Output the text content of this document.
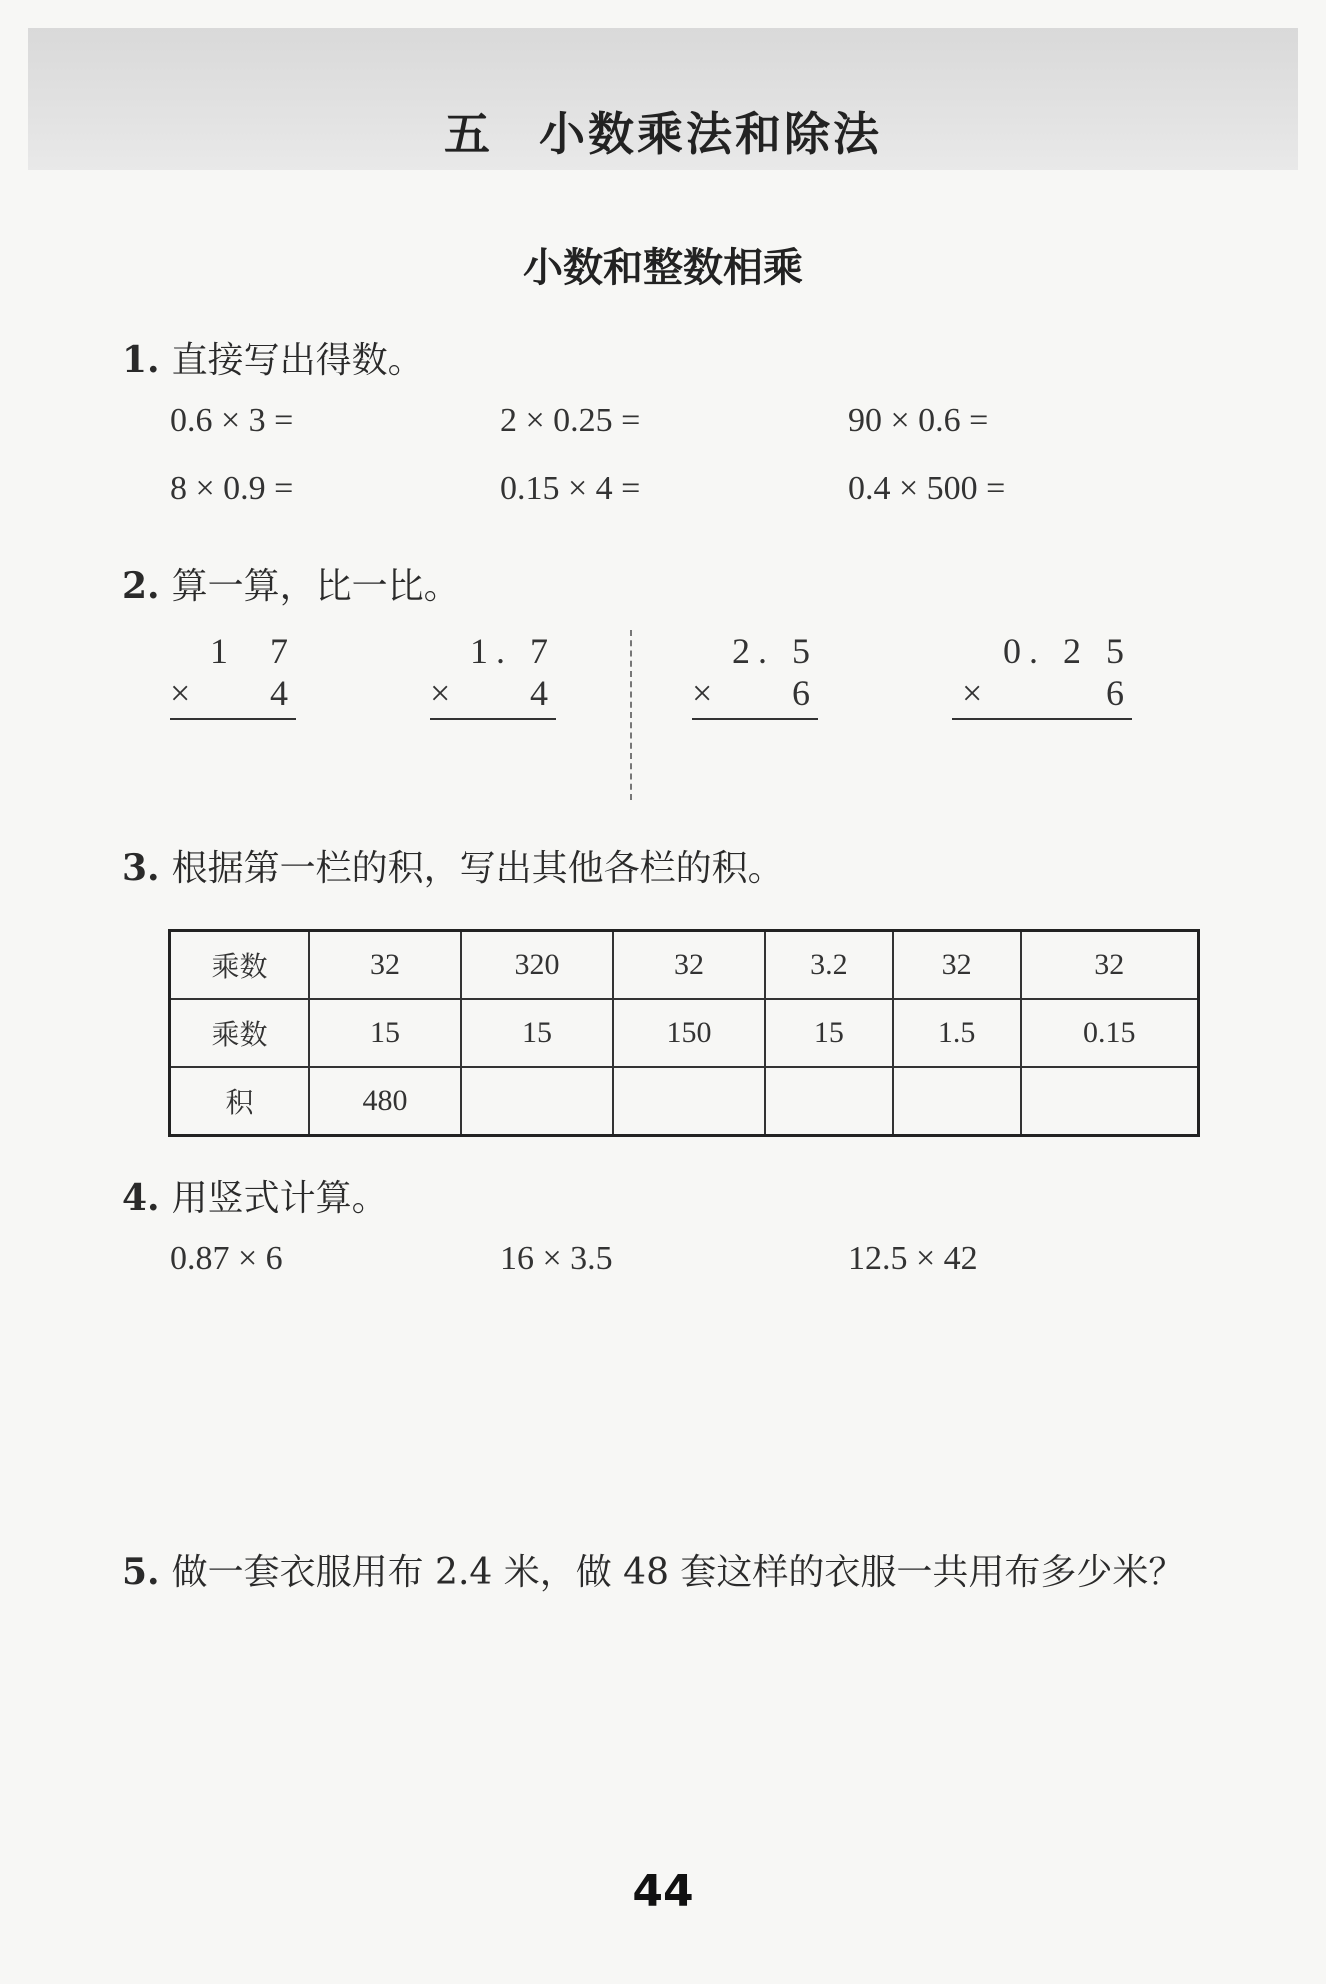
五 小数乘法和除法
小数和整数相乘
1. 直接写出得数。
0.6 × 3 =	2 × 0.25 =	90 × 0.6 =
8 × 0.9 =	0.15 × 4 =	0.4 × 500 =
2. 算一算，比一比。
1  7
× 4
1. 7
× 4
2. 5
× 6
0. 2 5
×	6
3. 根据第一栏的积，写出其他各栏的积。
乘数	32	320	32	3.2	32	32
乘数	15	15	150	15	1.5	0.15
积	480					
4. 用竖式计算。
0.87 × 6	16 × 3.5	12.5 × 42
5. 做一套衣服用布 2.4 米，做 48 套这样的衣服一共用布多少米？
44
